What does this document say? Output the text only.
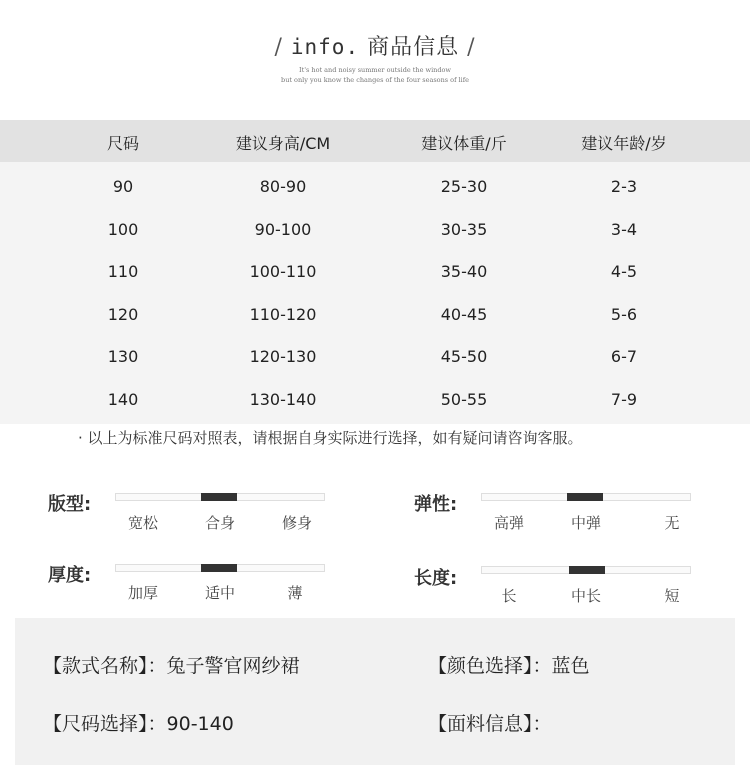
/ info. 商品信息 /
It's hot and noisy summer outside the window
but only you know the changes of the four seasons of life
尺码	建议身高/CM	建议体重/斤	建议年龄/岁
90	80-90	25-30	2-3
100	90-100	30-35	3-4
110	100-110	35-40	4-5
120	110-120	40-45	5-6
130	120-130	45-50	6-7
140	130-140	50-55	7-9
· 以上为标准尺码对照表，请根据自身实际进行选择，如有疑问请咨询客服。
版型:
宽松	合身	修身
弹性:
高弹	中弹	无
厚度:
加厚	适中	薄
长度:
长	中长	短
【款式名称】：兔子警官网纱裙	【颜色选择】：蓝色
【尺码选择】：90-140	【面料信息】：
